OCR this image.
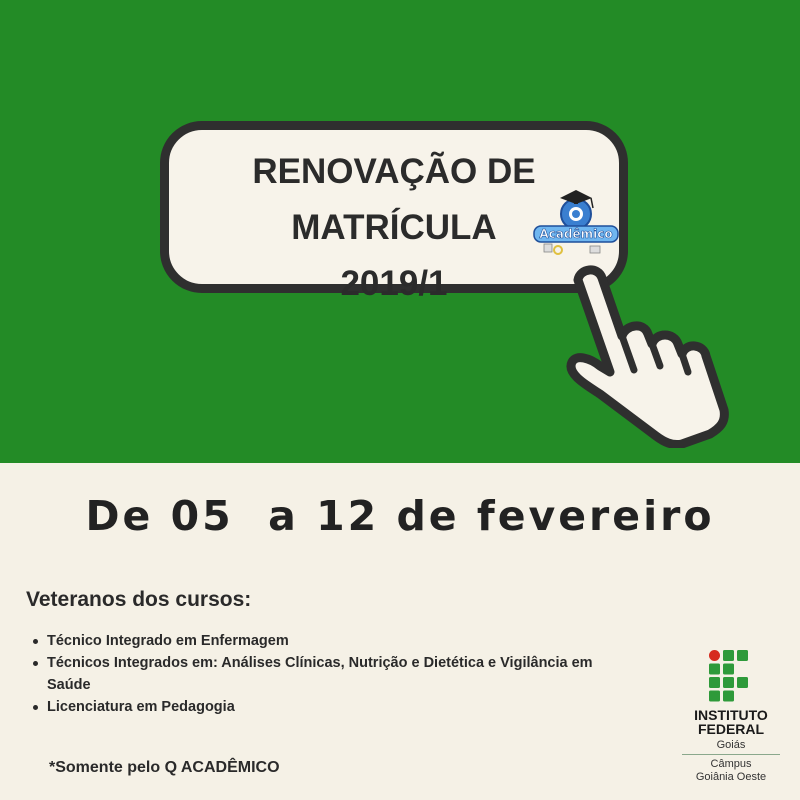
RENOVAÇÃO DE
MATRÍCULA
2019/1
Acadêmico
De 05  a 12 de fevereiro
Veteranos dos cursos:
Técnico Integrado em Enfermagem
Técnicos Integrados em: Análises Clínicas, Nutrição e Dietética e Vigilância em Saúde
Licenciatura em Pedagogia
*Somente pelo Q ACADÊMICO
INSTITUTO
FEDERAL
Goiás
Câmpus
Goiânia Oeste
